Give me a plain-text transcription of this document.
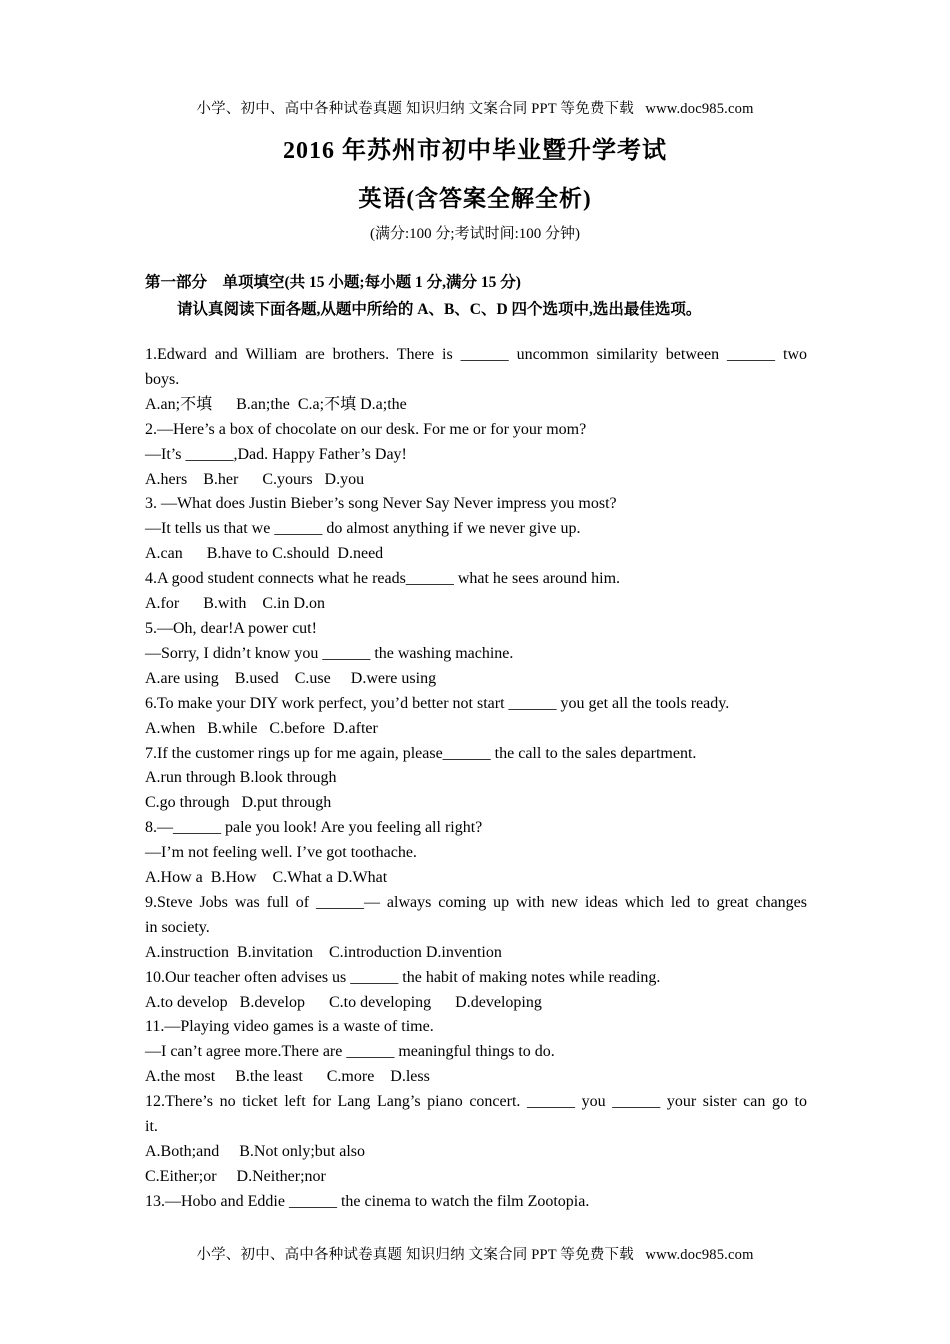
小学、初中、高中各种试卷真题 知识归纳 文案合同 PPT 等免费下载   www.doc985.com
2016 年苏州市初中毕业暨升学考试
英语(含答案全解全析)
(满分:100 分;考试时间:100 分钟)
第一部分　单项填空(共 15 小题;每小题 1 分,满分 15 分)
请认真阅读下面各题,从题中所给的 A、B、C、D 四个选项中,选出最佳选项。
1.Edward and William are brothers. There is ______ uncommon similarity between ______ two
boys.
A.an;不填      B.an;the  C.a;不填 D.a;the
2.—Here’s a box of chocolate on our desk. For me or for your mom?
—It’s ______,Dad. Happy Father’s Day!
A.hers    B.her      C.yours   D.you
3. —What does Justin Bieber’s song Never Say Never impress you most?
—It tells us that we ______ do almost anything if we never give up.
A.can      B.have to C.should  D.need
4.A good student connects what he reads______ what he sees around him.
A.for      B.with    C.in D.on
5.—Oh, dear!A power cut!
—Sorry, I didn’t know you ______ the washing machine.
A.are using    B.used    C.use     D.were using
6.To make your DIY work perfect, you’d better not start ______ you get all the tools ready.
A.when   B.while   C.before  D.after
7.If the customer rings up for me again, please______ the call to the sales department.
A.run through B.look through
C.go through   D.put through
8.—______ pale you look! Are you feeling all right?
—I’m not feeling well. I’ve got toothache.
A.How a  B.How    C.What a D.What
9.Steve Jobs was full of ______— always coming up with new ideas which led to great changes
in society.
A.instruction  B.invitation    C.introduction D.invention
10.Our teacher often advises us ______ the habit of making notes while reading.
A.to develop   B.develop      C.to developing      D.developing
11.—Playing video games is a waste of time.
—I can’t agree more.There are ______ meaningful things to do.
A.the most     B.the least      C.more    D.less
12.There’s no ticket left for Lang Lang’s piano concert. ______ you ______ your sister can go to
it.
A.Both;and     B.Not only;but also
C.Either;or     D.Neither;nor
13.—Hobo and Eddie ______ the cinema to watch the film Zootopia.
小学、初中、高中各种试卷真题 知识归纳 文案合同 PPT 等免费下载   www.doc985.com
